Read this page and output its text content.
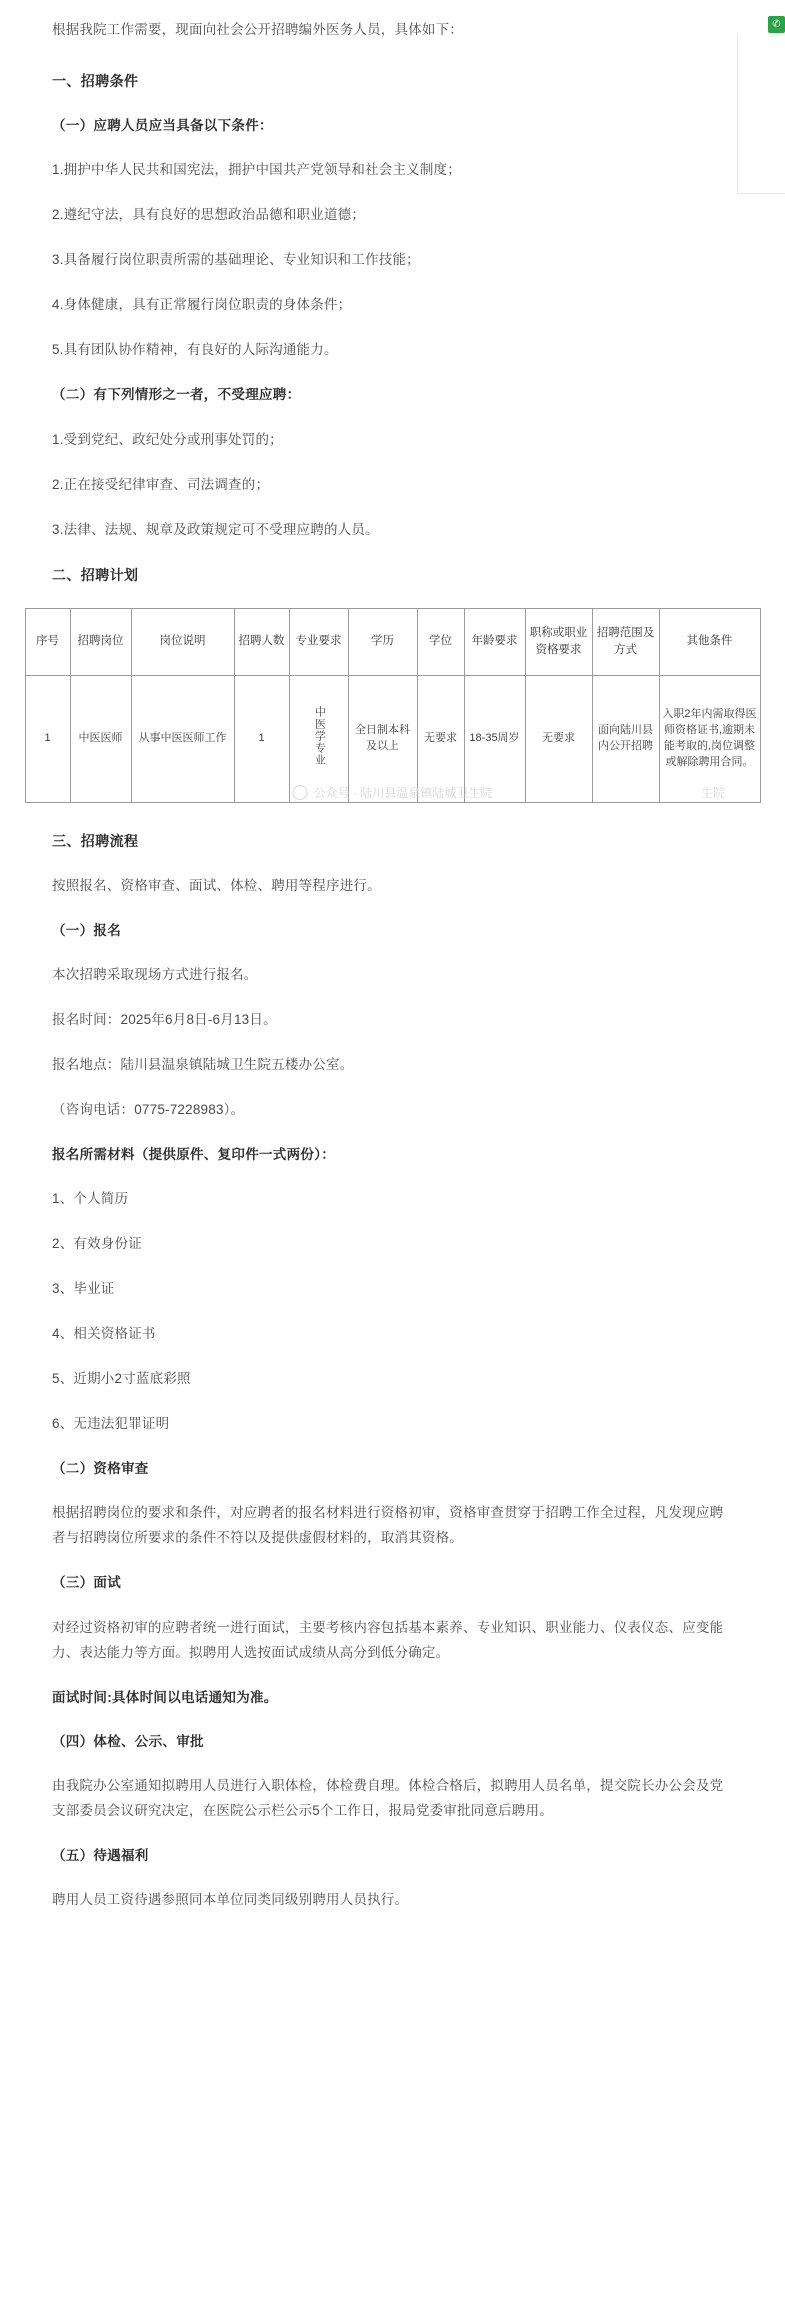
✆

根据我院工作需要，现面向社会公开招聘编外医务人员，具体如下：

一、招聘条件
（一）应聘人员应当具备以下条件：

1.拥护中华人民共和国宪法，拥护中国共产党领导和社会主义制度；

2.遵纪守法，具有良好的思想政治品德和职业道德；

3.具备履行岗位职责所需的基础理论、专业知识和工作技能；

4.身体健康，具有正常履行岗位职责的身体条件；

5.具有团队协作精神，有良好的人际沟通能力。

（二）有下列情形之一者，不受理应聘：

1.受到党纪、政纪处分或刑事处罚的；

2.正在接受纪律审查、司法调查的；

3.法律、法规、规章及政策规定可不受理应聘的人员。

二、招聘计划
序号	招聘岗位	岗位说明	招聘人数	专业要求	学历	学位	年龄要求	职称或职业资格要求	招聘范围及方式	其他条件
1	中医医师	从事中医医师工作	1	中医学专业	全日制本科及以上	无要求	18-35周岁	无要求	面向陆川县内公开招聘	入职2年内需取得医师资格证书,逾期未能考取的,岗位调整或解除聘用合同。
公众号 · 陆川县温泉镇陆城卫生院	生院
三、招聘流程

按照报名、资格审查、面试、体检、聘用等程序进行。

（一）报名

本次招聘采取现场方式进行报名。

报名时间：2025年6月8日-6月13日。

报名地点：陆川县温泉镇陆城卫生院五楼办公室。

（咨询电话：0775-7228983）。

报名所需材料（提供原件、复印件一式两份）：

1、个人简历

2、有效身份证

3、毕业证

4、相关资格证书

5、近期小2寸蓝底彩照

6、无违法犯罪证明

（二）资格审查

根据招聘岗位的要求和条件，对应聘者的报名材料进行资格初审，资格审查贯穿于招聘工作全过程，凡发现应聘者与招聘岗位所要求的条件不符以及提供虚假材料的，取消其资格。

（三）面试

对经过资格初审的应聘者统一进行面试，主要考核内容包括基本素养、专业知识、职业能力、仪表仪态、应变能力、表达能力等方面。拟聘用人选按面试成绩从高分到低分确定。

面试时间:具体时间以电话通知为准。
（四）体检、公示、审批

由我院办公室通知拟聘用人员进行入职体检，体检费自理。体检合格后，拟聘用人员名单，提交院长办公会及党支部委员会议研究决定，在医院公示栏公示5个工作日，报局党委审批同意后聘用。

（五）待遇福利

聘用人员工资待遇参照同本单位同类同级别聘用人员执行。
